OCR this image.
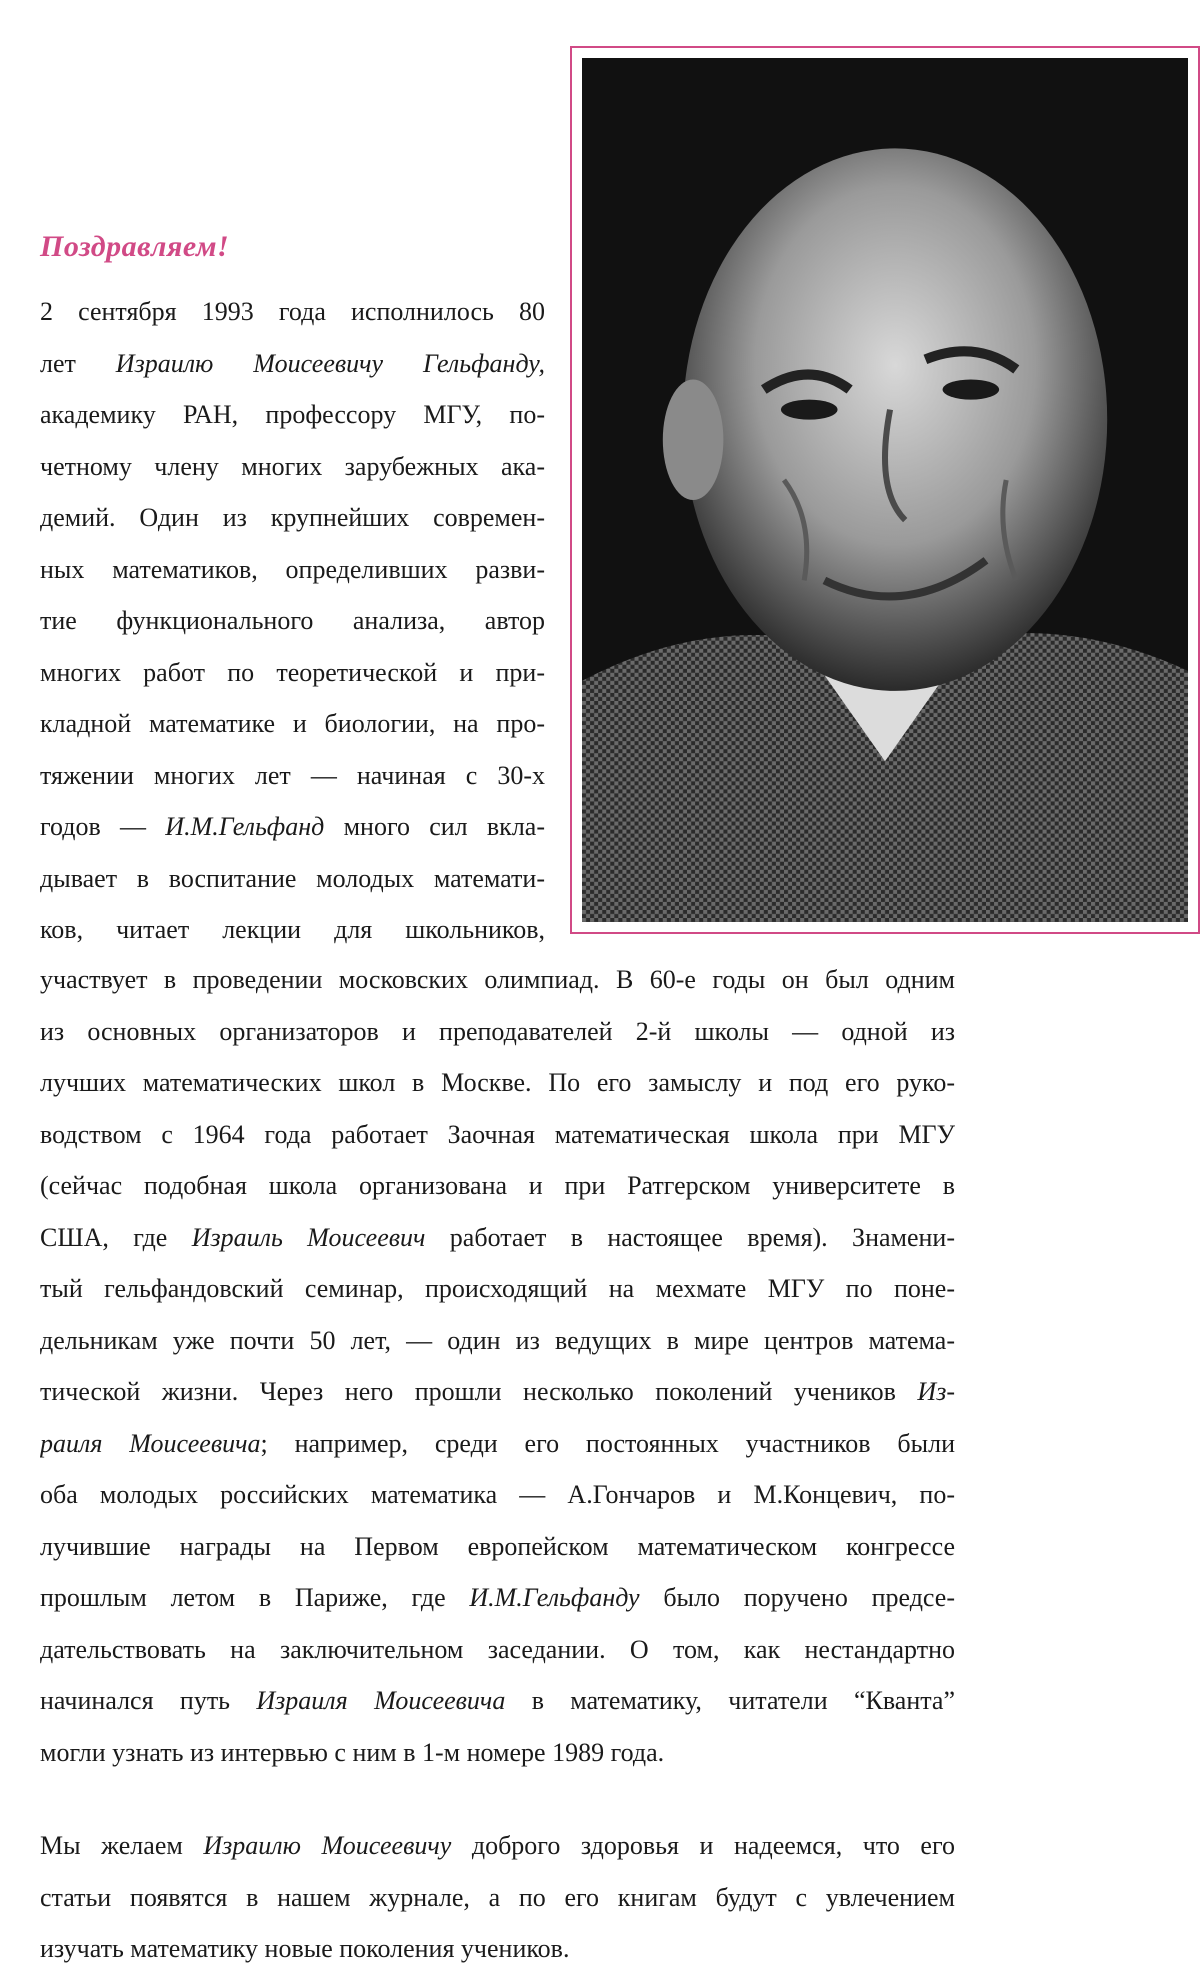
Поздравляем!
2 сентября 1993 года исполнилось 80
лет Израилю Моисеевичу Гельфанду,
академику РАН, профессору МГУ, по-
четному члену многих зарубежных ака-
демий. Один из крупнейших современ-
ных математиков, определивших разви-
тие функционального анализа, автор
многих работ по теоретической и при-
кладной математике и биологии, на про-
тяжении многих лет — начиная с 30-х
годов — И.М.Гельфанд много сил вкла-
дывает в воспитание молодых математи-
ков, читает лекции для школьников,
участвует в проведении московских олимпиад. В 60-е годы он был одним
из основных организаторов и преподавателей 2-й школы — одной из
лучших математических школ в Москве. По его замыслу и под его руко-
водством с 1964 года работает Заочная математическая школа при МГУ
(сейчас подобная школа организована и при Ратгерском университете в
США, где Израиль Моисеевич работает в настоящее время). Знамени-
тый гельфандовский семинар, происходящий на мехмате МГУ по поне-
дельникам уже почти 50 лет, — один из ведущих в мире центров матема-
тической жизни. Через него прошли несколько поколений учеников Из-
раиля Моисеевича; например, среди его постоянных участников были
оба молодых российских математика — А.Гончаров и М.Концевич, по-
лучившие награды на Первом европейском математическом конгрессе
прошлым летом в Париже, где И.М.Гельфанду было поручено предсе-
дательствовать на заключительном заседании. О том, как нестандартно
начинался путь Израиля Моисеевича в математику, читатели “Кванта”
могли узнать из интервью с ним в 1-м номере 1989 года.
Мы желаем Израилю Моисеевичу доброго здоровья и надеемся, что его
статьи появятся в нашем журнале, а по его книгам будут с увлечением
изучать математику новые поколения учеников.
